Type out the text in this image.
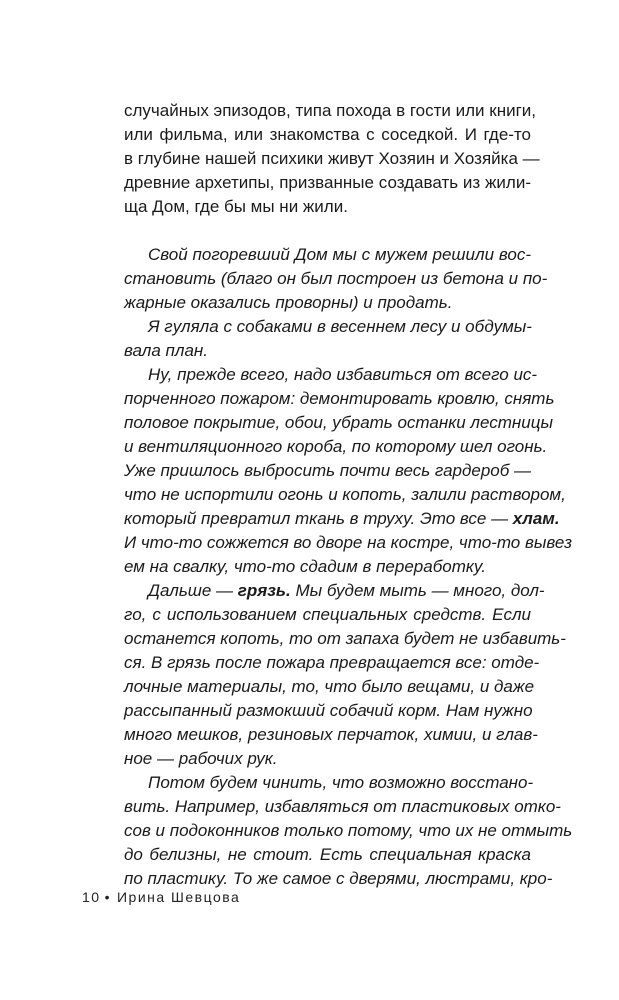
случайных эпизодов, типа похода в гости или книги,
или фильма, или знакомства с соседкой. И где-то
в глубине нашей психики живут Хозяин и Хозяйка —
древние архетипы, призванные создавать из жили-
ща Дом, где бы мы ни жили.
Свой погоревший Дом мы с мужем решили вос-
становить (благо он был построен из бетона и по-
жарные оказались проворны) и продать.
Я гуляла с собаками в весеннем лесу и обдумы-
вала план.
Ну, прежде всего, надо избавиться от всего ис-
порченного пожаром: демонтировать кровлю, снять
половое покрытие, обои, убрать останки лестницы
и вентиляционного короба, по которому шел огонь.
Уже пришлось выбросить почти весь гардероб —
что не испортили огонь и копоть, залили раствором,
который превратил ткань в труху. Это все — хлам.
И что-то сожжется во дворе на костре, что-то вывез
ем на свалку, что-то сдадим в переработку.
Дальше — грязь. Мы будем мыть — много, дол-
го, с использованием специальных средств. Если
останется копоть, то от запаха будет не избавить-
ся. В грязь после пожара превращается все: отде-
лочные материалы, то, что было вещами, и даже
рассыпанный размокший собачий корм. Нам нужно
много мешков, резиновых перчаток, химии, и глав-
ное — рабочих рук.
Потом будем чинить, что возможно восстано-
вить. Например, избавляться от пластиковых отко-
сов и подоконников только потому, что их не отмыть
до белизны, не стоит. Есть специальная краска
по пластику. То же самое с дверями, люстрами, кро-
10 • Ирина Шевцова
